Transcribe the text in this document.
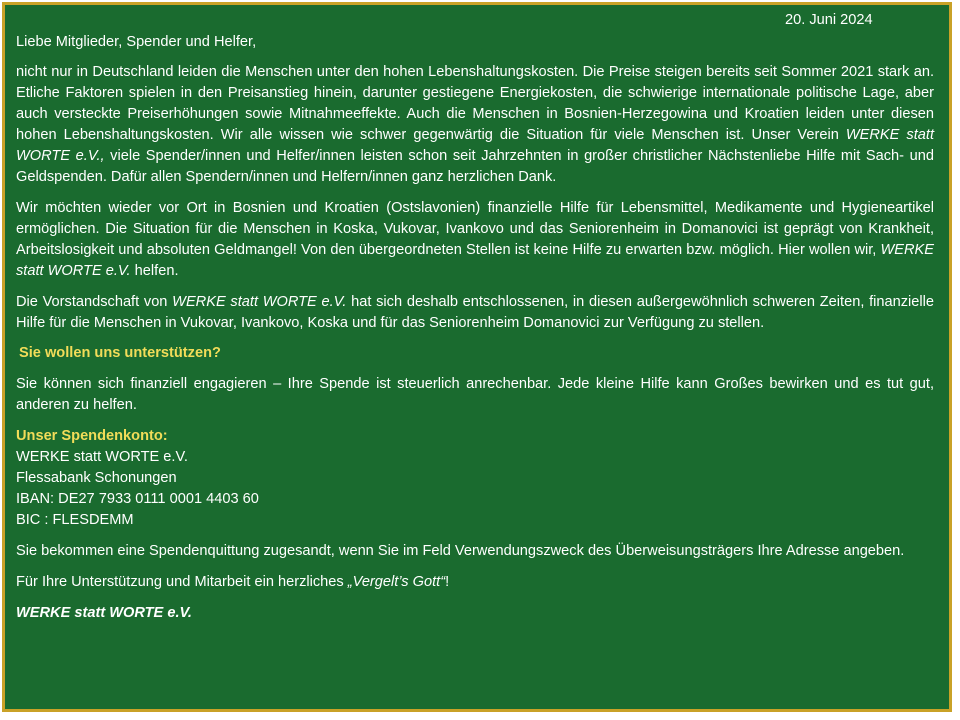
20. Juni 2024

Liebe Mitglieder, Spender und Helfer,

nicht nur in Deutschland leiden die Menschen unter den hohen Lebenshaltungskosten. Die Preise steigen bereits seit Sommer 2021 stark an. Etliche Faktoren spielen in den Preisanstieg hinein, darunter gestiegene Energiekosten, die schwierige internationale politische Lage, aber auch versteckte Preiserhöhungen sowie Mitnahmeeffekte. Auch die Menschen in Bosnien-Herzegowina und Kroatien leiden unter diesen hohen Lebenshaltungskosten. Wir alle wissen wie schwer gegenwärtig die Situation für viele Menschen ist. Unser Verein WERKE statt WORTE e.V., viele Spender/innen und Helfer/innen leisten schon seit Jahrzehnten in großer christlicher Nächstenliebe Hilfe mit Sach- und Geldspenden. Dafür allen Spendern/innen und Helfern/innen ganz herzlichen Dank.

Wir möchten wieder vor Ort in Bosnien und Kroatien (Ostslavonien) finanzielle Hilfe für Lebensmittel, Medikamente und Hygieneartikel ermöglichen. Die Situation für die Menschen in Koska, Vukovar, Ivankovo und das Seniorenheim in Domanovici ist geprägt von Krankheit, Arbeitslosigkeit und absoluten Geldmangel! Von den übergeordneten Stellen ist keine Hilfe zu erwarten bzw. möglich. Hier wollen wir, WERKE statt WORTE e.V. helfen.

Die Vorstandschaft von WERKE statt WORTE e.V. hat sich deshalb entschlossenen, in diesen außergewöhnlich schweren Zeiten, finanzielle Hilfe für die Menschen in Vukovar, Ivankovo, Koska und für das Seniorenheim Domanovici zur Verfügung zu stellen.

Sie wollen uns unterstützen?

Sie können sich finanziell engagieren – Ihre Spende ist steuerlich anrechenbar. Jede kleine Hilfe kann Großes bewirken und es tut gut, anderen zu helfen.

Unser Spendenkonto:
WERKE statt WORTE e.V.
Flessabank Schonungen
IBAN: DE27 7933 0111 0001 4403 60
BIC : FLESDEMM

Sie bekommen eine Spendenquittung zugesandt, wenn Sie im Feld Verwendungszweck des Überweisungsträgers Ihre Adresse angeben.

Für Ihre Unterstützung und Mitarbeit ein herzliches „Vergelt’s Gott“!

WERKE statt WORTE e.V.
